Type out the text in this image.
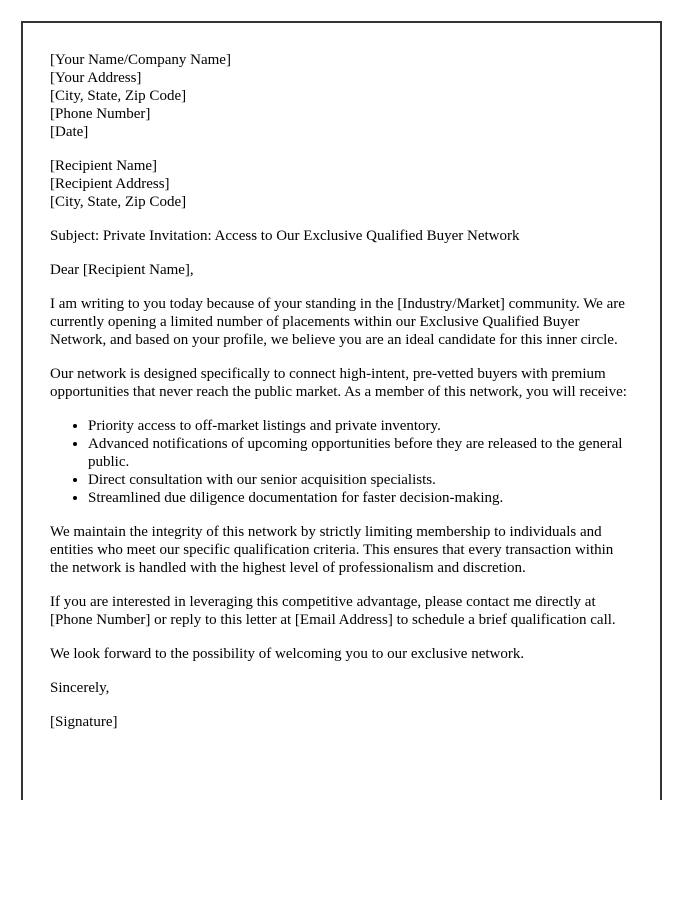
[Your Name/Company Name]
[Your Address]
[City, State, Zip Code]
[Phone Number]
[Date]
[Recipient Name]
[Recipient Address]
[City, State, Zip Code]

Subject: Private Invitation: Access to Our Exclusive Qualified Buyer Network

Dear [Recipient Name],

I am writing to you today because of your standing in the [Industry/Market] community. We are currently opening a limited number of placements within our Exclusive Qualified Buyer Network, and based on your profile, we believe you are an ideal candidate for this inner circle.

Our network is designed specifically to connect high-intent, pre-vetted buyers with premium opportunities that never reach the public market. As a member of this network, you will receive:

• Priority access to off-market listings and private inventory.
• Advanced notifications of upcoming opportunities before they are released to the general public.
• Direct consultation with our senior acquisition specialists.
• Streamlined due diligence documentation for faster decision-making.

We maintain the integrity of this network by strictly limiting membership to individuals and entities who meet our specific qualification criteria. This ensures that every transaction within the network is handled with the highest level of professionalism and discretion.

If you are interested in leveraging this competitive advantage, please contact me directly at [Phone Number] or reply to this letter at [Email Address] to schedule a brief qualification call.

We look forward to the possibility of welcoming you to our exclusive network.

Sincerely,

[Signature]
